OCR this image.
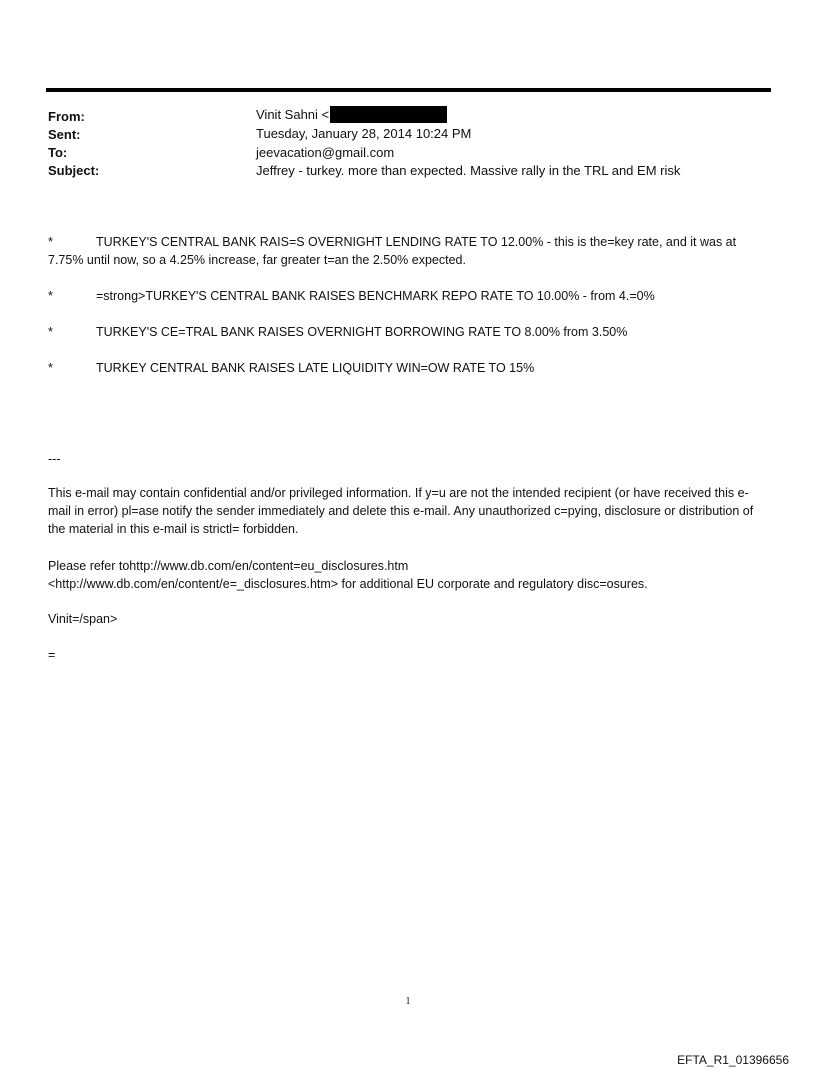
From:	Vinit Sahni <
Sent:	Tuesday, January 28, 2014 10:24 PM
To:	jeevacation@gmail.com
Subject:	Jeffrey - turkey. more than expected. Massive rally in the TRL and EM risk
*	TURKEY'S CENTRAL BANK RAIS=S OVERNIGHT LENDING RATE TO 12.00% - this is the=key rate, and it was at 7.75% until now, so a 4.25% increase, far greater t=an the 2.50% expected.
*	=strong>TURKEY'S CENTRAL BANK RAISES BENCHMARK REPO RATE TO 10.00% - from 4.=0%
*	TURKEY'S CE=TRAL BANK RAISES OVERNIGHT BORROWING RATE TO 8.00% from 3.50%
*	TURKEY CENTRAL BANK RAISES LATE LIQUIDITY WIN=OW RATE TO 15%
---
This e-mail may contain confidential and/or privileged information. If y=u are not the intended recipient (or have received this e-mail in error) pl=ase notify the sender immediately and delete this e-mail. Any unauthorized c=pying, disclosure or distribution of the material in this e-mail is strictl= forbidden.
Please refer tohttp://www.db.com/en/content=eu_disclosures.htm
<http://www.db.com/en/content/e=_disclosures.htm> for additional EU corporate and regulatory disc=osures.
Vinit=/span>
=
1
EFTA_R1_01396656
